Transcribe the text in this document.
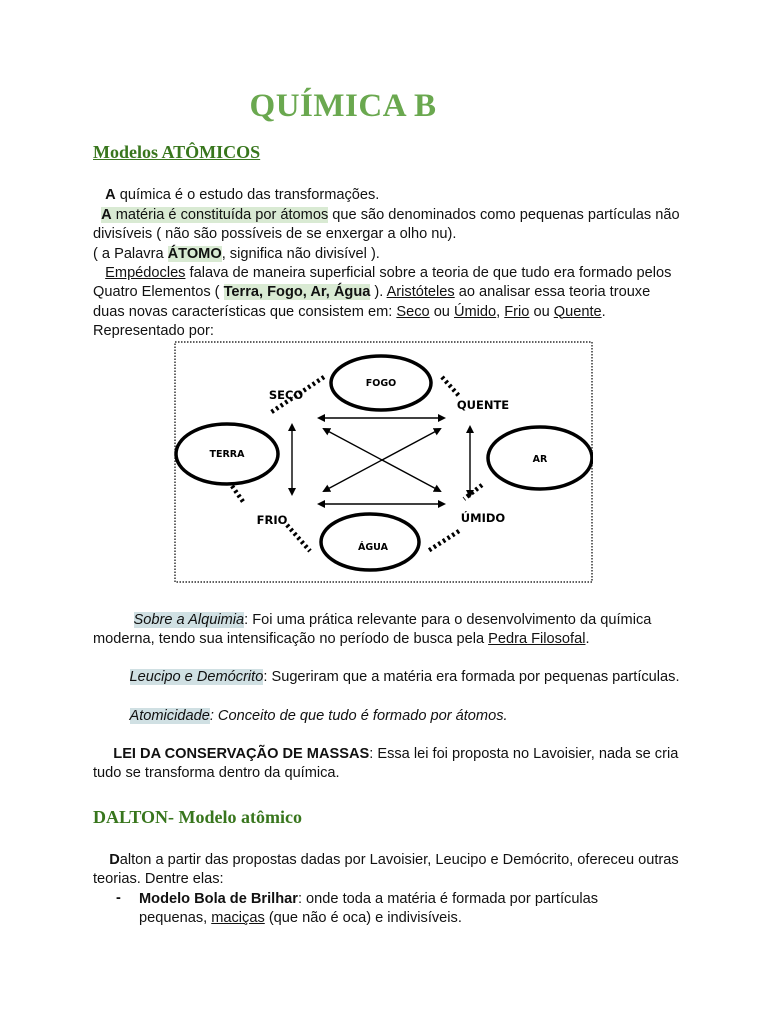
QUÍMICA B
Modelos ATÔMICOS

A química é o estudo das transformações.

A matéria é constituída por átomos que são denominados como pequenas partículas não divisíveis ( não são possíveis de se enxergar a olho nu).
( a Palavra ÁTOMO, significa não divisível ).

Empédocles falava de maneira superficial sobre a teoria de que tudo era formado pelos Quatro Elementos ( Terra, Fogo, Ar, Água ). Aristóteles ao analisar essa teoria trouxe duas novas características que consistem em: Seco ou Úmido, Frio ou Quente. Representado por:

FOGO
TERRA	AR
ÁGUA
SECO
QUENTE
FRIO	ÚMIDO

Sobre a Alquimia: Foi uma prática relevante para o desenvolvimento da química moderna, tendo sua intensificação no período de busca pela Pedra Filosofal.

Leucipo e Demócrito: Sugeriram que a matéria era formada por pequenas partículas.

Atomicidade: Conceito de que tudo é formado por átomos.

LEI DA CONSERVAÇÃO DE MASSAS: Essa lei foi proposta no Lavoisier, nada se cria tudo se transforma dentro da química.

DALTON- Modelo atômico

Dalton a partir das propostas dadas por Lavoisier, Leucipo e Demócrito, ofereceu outras teorias. Dentre elas:

- Modelo Bola de Brilhar: onde toda a matéria é formada por partículas pequenas, maciças (que não é oca) e indivisíveis.
